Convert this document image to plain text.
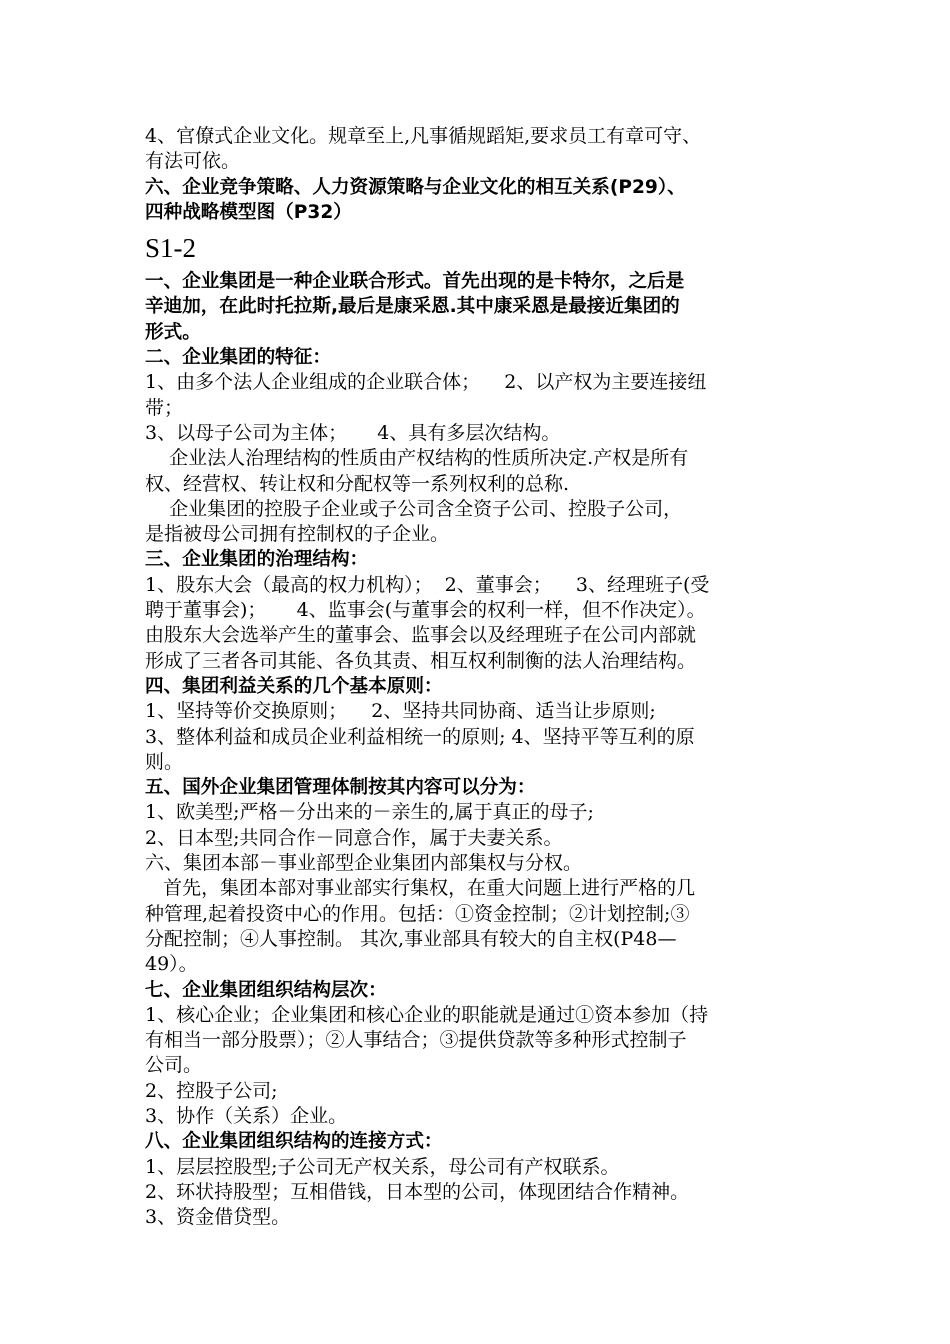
4、官僚式企业文化。规章至上,凡事循规蹈矩,要求员工有章可守、

有法可依。

六、企业竞争策略、人力资源策略与企业文化的相互关系(P29）、

四种战略模型图（P32）

S1-2

一、企业集团是一种企业联合形式。首先出现的是卡特尔，之后是

辛迪加，在此时托拉斯,最后是康采恩.其中康采恩是最接近集团的

形式。

二、企业集团的特征：

1、由多个法人企业组成的企业联合体；    2、以产权为主要连接纽

带；

3、以母子公司为主体；     4、具有多层次结构。

企业法人治理结构的性质由产权结构的性质所决定.产权是所有

权、经营权、转让权和分配权等一系列权利的总称.

企业集团的控股子企业或子公司含全资子公司、控股子公司，

是指被母公司拥有控制权的子企业。

三、企业集团的治理结构：

1、股东大会（最高的权力机构）；  2、董事会；    3、经理班子(受

聘于董事会)；     4、监事会(与董事会的权利一样，但不作决定）。

由股东大会选举产生的董事会、监事会以及经理班子在公司内部就

形成了三者各司其能、各负其责、相互权利制衡的法人治理结构。

四、集团利益关系的几个基本原则：

1、坚持等价交换原则；    2、坚持共同协商、适当让步原则;

3、整体利益和成员企业利益相统一的原则; 4、坚持平等互利的原

则。

五、国外企业集团管理体制按其内容可以分为：

1、欧美型;严格－分出来的－亲生的,属于真正的母子;

2、日本型;共同合作－同意合作，属于夫妻关系。

六、集团本部－事业部型企业集团内部集权与分权。

首先，集团本部对事业部实行集权，在重大问题上进行严格的几

种管理,起着投资中心的作用。包括：①资金控制；②计划控制;③

分配控制；④人事控制。 其次,事业部具有较大的自主权(P48—

49）。

七、企业集团组织结构层次：

1、核心企业；企业集团和核心企业的职能就是通过①资本参加（持

有相当一部分股票）；②人事结合；③提供贷款等多种形式控制子

公司。

2、控股子公司;

3、协作（关系）企业。

八、企业集团组织结构的连接方式：

1、层层控股型;子公司无产权关系，母公司有产权联系。

2、环状持股型；互相借钱，日本型的公司，体现团结合作精神。

3、资金借贷型。
